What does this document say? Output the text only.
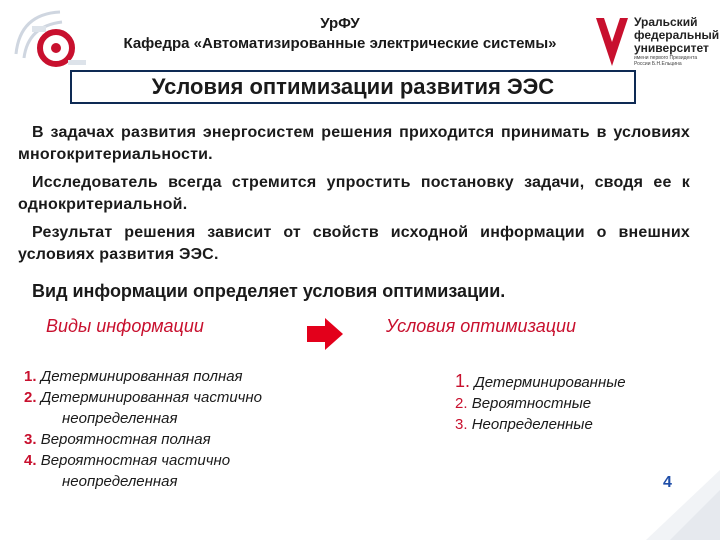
УрФУ
Кафедра «Автоматизированные электрические системы»
Уральский
федеральный
университет
имени первого Президента
России Б.Н.Ельцина
Условия оптимизации развития ЭЭС
В задачах развития энергосистем решения приходится принимать в условиях многокритериальности.
Исследователь всегда стремится упростить постановку задачи, сводя ее к однокритериальной.
Результат решения зависит от свойств исходной информации о внешних условиях развития ЭЭС.
Вид информации определяет условия оптимизации.
Виды информации	Условия оптимизации
1. Детерминированная полная
2. Детерминированная частично
неопределенная
3. Вероятностная полная
4. Вероятностная частично
неопределенная
1. Детерминированные
2. Вероятностные
3. Неопределенные
4
